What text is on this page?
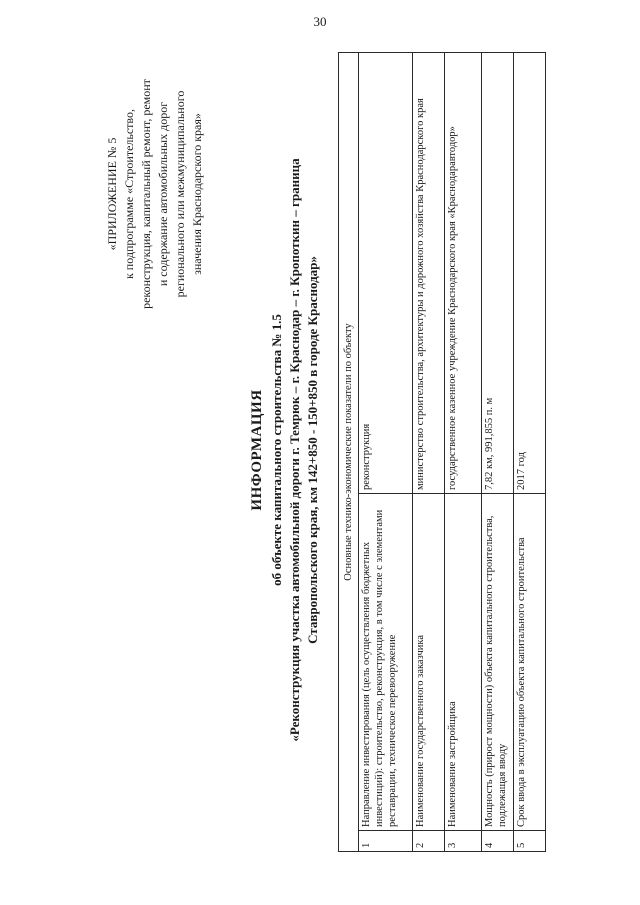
30
«ПРИЛОЖЕНИЕ № 5 к подпрограмме «Строительство, реконструкция, капитальный ремонт, ремонт и содержание автомобильных дорог регионального или межмуниципального значения Краснодарского края»
ИНФОРМАЦИЯ об объекте капитального строительства № 1.5 «Реконструкция участка автомобильной дороги г. Темрюк – г. Краснодар – г. Кропоткин – граница Ставропольского края, км 142+850 - 150+850 в городе Краснодар» Основные технико-экономические показатели по объекту		
1	Направление инвестирования (цель осуществления бюджетных инвестиций): строительство, реконструкция, в том числе с элементами реставрации, техническое перевооружение	реконструкция
2	Наименование государственного заказчика	министерство строительства, архитектуры и дорожного хозяйства Краснодарского края
3	Наименование застройщика	государственное казенное учреждение Краснодарского края «Краснодаравтодор»
4	Мощность (прирост мощности) объекта капитального строительства, подлежащая вводу	7,82 км, 991,855 п. м
5	Срок ввода в эксплуатацию объекта капитального строительства	2017 год
